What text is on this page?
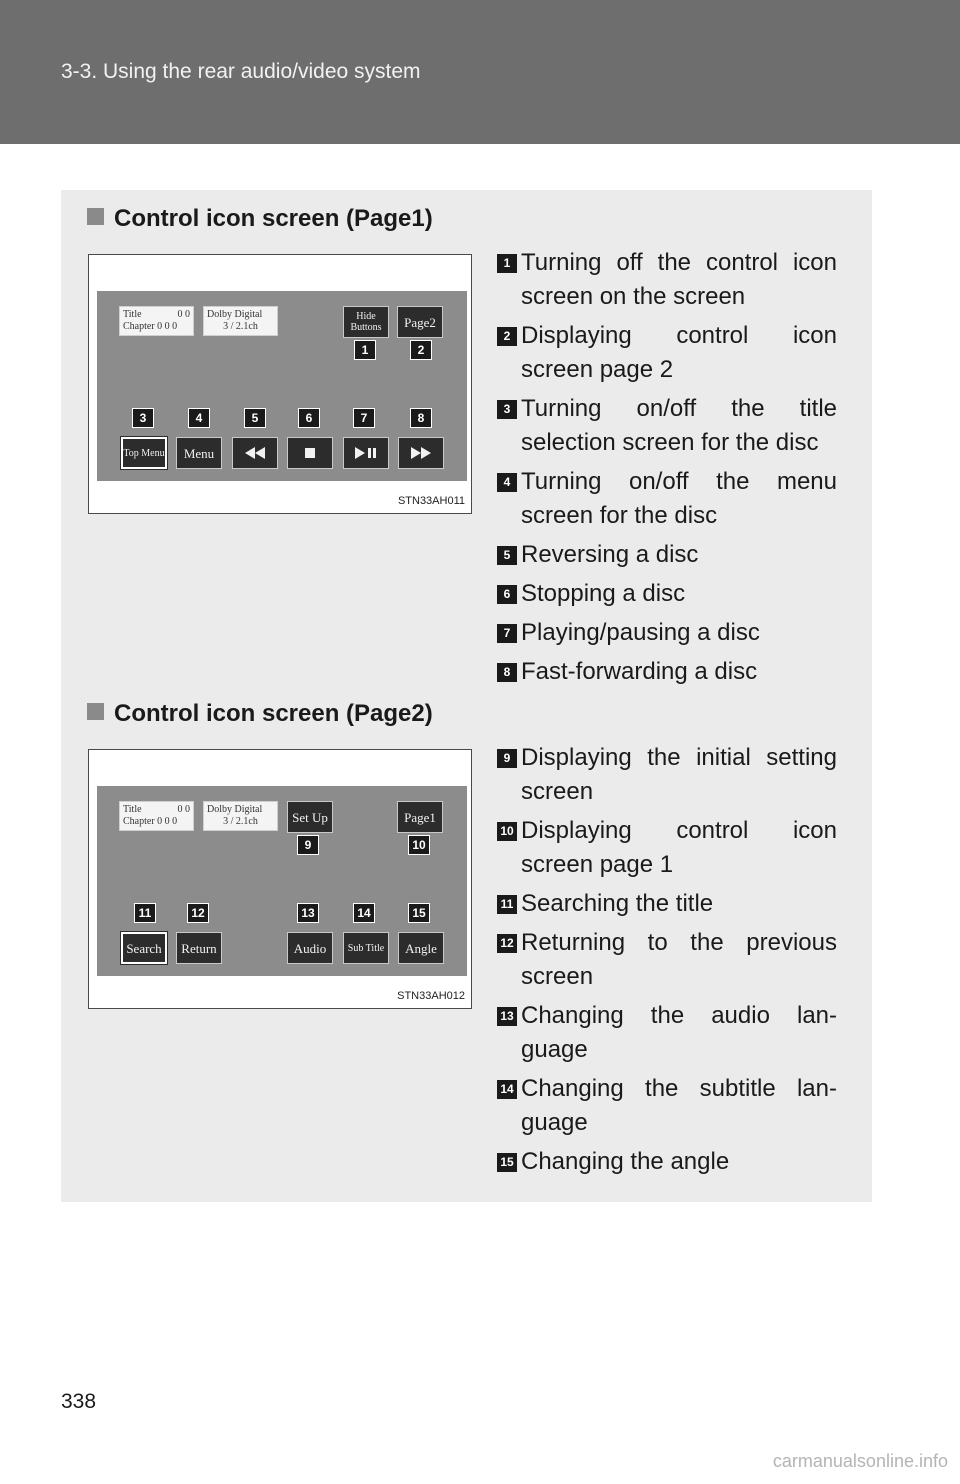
3-3. Using the rear audio/video system
Control icon screen (Page1)
Title	0 0
Chapter 0 0 0
Dolby Digital
3 / 2.1ch
Hide Buttons	Page2
1	2
3	4	5	6	7	8
Top Menu	Menu
STN33AH011
1 Turning off the control icon screen on the screen
2 Displaying control icon screen page 2
3 Turning on/off the title selection screen for the disc
4 Turning on/off the menu screen for the disc
5 Reversing a disc
6 Stopping a disc
7 Playing/pausing a disc
8 Fast-forwarding a disc
Control icon screen (Page2)
Title	0 0
Chapter 0 0 0
Dolby Digital
3 / 2.1ch	Set Up	Page1
9	10
11	12	13	14	15
Search	Return	Audio	Sub Title	Angle
STN33AH012
9 Displaying the initial setting screen
10 Displaying control icon screen page 1
11 Searching the title
12 Returning to the previous screen
13 Changing the audio lan-guage
14 Changing the subtitle lan-guage
15 Changing the angle
338
carmanualsonline.info
